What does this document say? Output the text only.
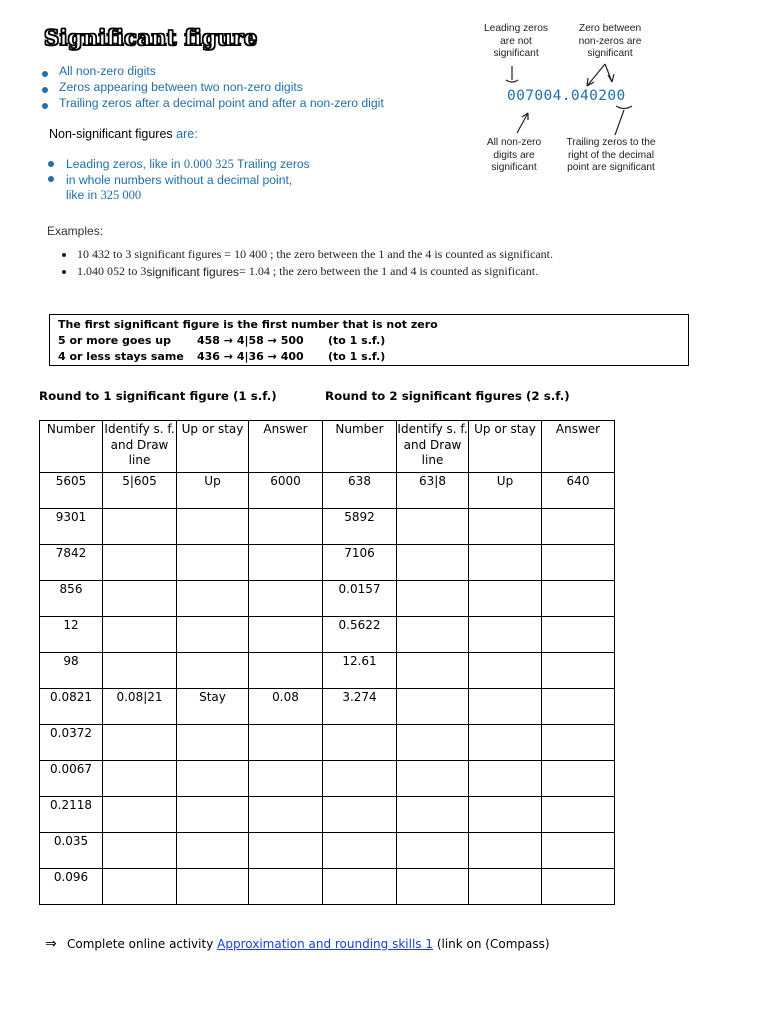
Significant figure
All non-zero digits
Zeros appearing between two non-zero digits
Trailing zeros after a decimal point and after a non-zero digit
Non-significant figures are:
Leading zeros, like in 0.000 325 Trailing zeros
in whole numbers without a decimal point,
like in 325 000
Leading zeros
are not
significant
Zero between
non-zeros are
significant
007004.040200
All non-zero
digits are
significant
Trailing zeros to the
right of the decimal
point are significant
Examples:
10 432 to 3 significant figures = 10 400 ; the zero between the 1 and the 4 is counted as significant.
1.040 052 to 3 significant figures = 1.04 ; the zero between the 1 and 4 is counted as significant.
The first significant figure is the first number that is not zero
5 or more goes up 458 → 4|58 → 500 (to 1 s.f.)
4 or less stays same 436 → 4|36 → 400 (to 1 s.f.)
Round to 1 significant figure (1 s.f.)	Round to 2 significant figures (2 s.f.)
Number	Identify s. f. and Draw line	Up or stay	Answer	Number	Identify s. f. and Draw line	Up or stay	Answer
5605	5|605	Up	6000	638	63|8	Up	640
9301				5892			
7842				7106			
856				0.0157			
12				0.5622			
98				12.61			
0.0821	0.08|21	Stay	0.08	3.274			
0.0372							
0.0067							
0.2118							
0.035							
0.096							
⇒ Complete online activity Approximation and rounding skills 1 (link on (Compass)
